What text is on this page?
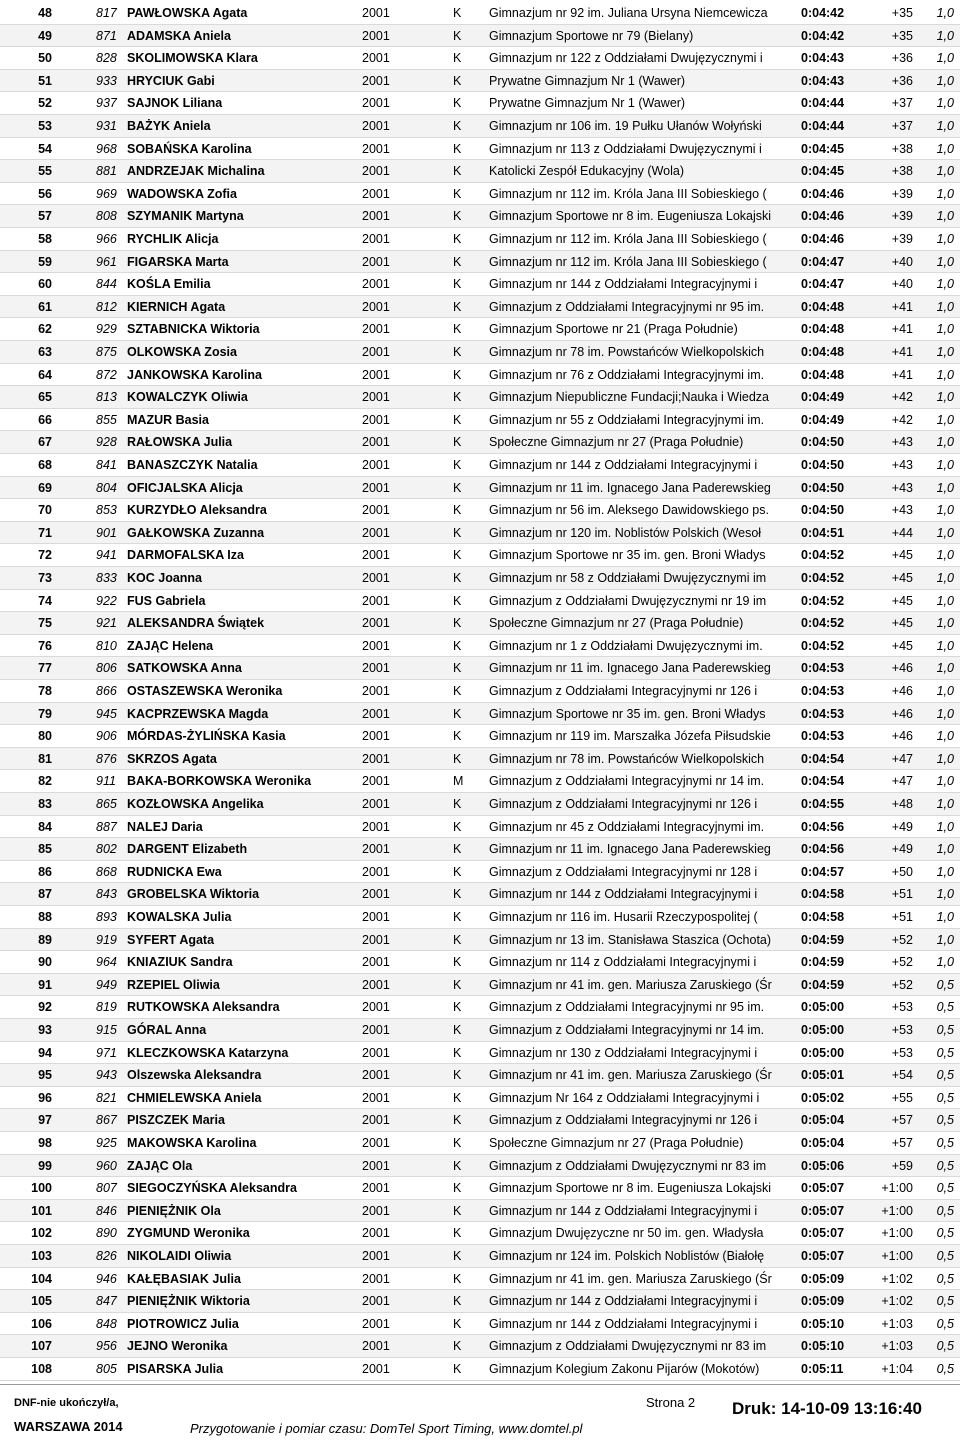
48	817 PAWŁOWSKA Agata	2001	K Gimnazjum nr 92 im. Juliana Ursyna Niemcewicza	0:04:42	+35	1,0
49	871 ADAMSKA Aniela	2001	K Gimnazjum Sportowe nr 79 (Bielany)	0:04:42	+35	1,0
50	828 SKOLIMOWSKA Klara	2001	K Gimnazjum nr 122 z Oddziałami Dwujęzycznymi i	0:04:43	+36	1,0
51	933 HRYCIUK Gabi	2001	K Prywatne Gimnazjum Nr 1 (Wawer)	0:04:43	+36	1,0
52	937 SAJNOK Liliana	2001	K Prywatne Gimnazjum Nr 1 (Wawer)	0:04:44	+37	1,0
53	931 BAŻYK Aniela	2001	K Gimnazjum nr 106 im. 19 Pułku Ułanów Wołyński	0:04:44	+37	1,0
54	968 SOBAŃSKA Karolina	2001	K Gimnazjum nr 113 z Oddziałami Dwujęzycznymi i	0:04:45	+38	1,0
55	881 ANDRZEJAK Michalina	2001	K Katolicki Zespół Edukacyjny (Wola)	0:04:45	+38	1,0
56	969 WADOWSKA Zofia	2001	K Gimnazjum nr 112 im. Króla Jana III Sobieskiego (	0:04:46	+39	1,0
57	808 SZYMANIK Martyna	2001	K Gimnazjum Sportowe nr 8 im. Eugeniusza Lokajski	0:04:46	+39	1,0
58	966 RYCHLIK Alicja	2001	K Gimnazjum nr 112 im. Króla Jana III Sobieskiego (	0:04:46	+39	1,0
59	961 FIGARSKA Marta	2001	K Gimnazjum nr 112 im. Króla Jana III Sobieskiego (	0:04:47	+40	1,0
60	844 KOŚLA Emilia	2001	K Gimnazjum nr 144 z Oddziałami Integracyjnymi i	0:04:47	+40	1,0
61	812 KIERNICH Agata	2001	K Gimnazjum z Oddziałami Integracyjnymi nr 95 im.	0:04:48	+41	1,0
62	929 SZTABNICKA Wiktoria	2001	K Gimnazjum Sportowe nr 21 (Praga Południe)	0:04:48	+41	1,0
63	875 OLKOWSKA Zosia	2001	K Gimnazjum nr 78 im. Powstańców Wielkopolskich	0:04:48	+41	1,0
64	872 JANKOWSKA Karolina	2001	K Gimnazjum nr 76 z Oddziałami Integracyjnymi im.	0:04:48	+41	1,0
65	813 KOWALCZYK Oliwia	2001	K Gimnazjum Niepubliczne Fundacji;Nauka i Wiedza	0:04:49	+42	1,0
66	855 MAZUR Basia	2001	K Gimnazjum nr 55 z Oddziałami Integracyjnymi im.	0:04:49	+42	1,0
67	928 RAŁOWSKA Julia	2001	K Społeczne Gimnazjum nr 27 (Praga Południe)	0:04:50	+43	1,0
68	841 BANASZCZYK Natalia	2001	K Gimnazjum nr 144 z Oddziałami Integracyjnymi i	0:04:50	+43	1,0
69	804 OFICJALSKA Alicja	2001	K Gimnazjum nr 11 im. Ignacego Jana Paderewskieg	0:04:50	+43	1,0
70	853 KURZYDŁO Aleksandra	2001	K Gimnazjum nr 56 im. Aleksego Dawidowskiego ps.	0:04:50	+43	1,0
71	901 GAŁKOWSKA Zuzanna	2001	K Gimnazjum nr 120 im. Noblistów Polskich (Wesoł	0:04:51	+44	1,0
72	941 DARMOFALSKA Iza	2001	K Gimnazjum Sportowe nr 35 im. gen. Broni Władys	0:04:52	+45	1,0
73	833 KOC Joanna	2001	K Gimnazjum nr 58 z Oddziałami Dwujęzycznymi im	0:04:52	+45	1,0
74	922 FUS Gabriela	2001	K Gimnazjum z Oddziałami Dwujęzycznymi nr 19 im	0:04:52	+45	1,0
75	921 ALEKSANDRA Świątek	2001	K Społeczne Gimnazjum nr 27 (Praga Południe)	0:04:52	+45	1,0
76	810 ZAJĄC Helena	2001	K Gimnazjum nr 1 z Oddziałami Dwujęzycznymi im.	0:04:52	+45	1,0
77	806 SATKOWSKA Anna	2001	K Gimnazjum nr 11 im. Ignacego Jana Paderewskieg	0:04:53	+46	1,0
78	866 OSTASZEWSKA Weronika	2001	K Gimnazjum z Oddziałami Integracyjnymi nr 126 i	0:04:53	+46	1,0
79	945 KACPRZEWSKA Magda	2001	K Gimnazjum Sportowe nr 35 im. gen. Broni Władys	0:04:53	+46	1,0
80	906 MÓRDAS-ŻYLIŃSKA Kasia	2001	K Gimnazjum nr 119 im. Marszałka Józefa Piłsudskie	0:04:53	+46	1,0
81	876 SKRZOS Agata	2001	K Gimnazjum nr 78 im. Powstańców Wielkopolskich	0:04:54	+47	1,0
82	911 BAKA-BORKOWSKA Weronika	2001	M Gimnazjum z Oddziałami Integracyjnymi nr 14 im.	0:04:54	+47	1,0
83	865 KOZŁOWSKA Angelika	2001	K Gimnazjum z Oddziałami Integracyjnymi nr 126 i	0:04:55	+48	1,0
84	887 NALEJ Daria	2001	K Gimnazjum nr 45 z Oddziałami Integracyjnymi im.	0:04:56	+49	1,0
85	802 DARGENT Elizabeth	2001	K Gimnazjum nr 11 im. Ignacego Jana Paderewskieg	0:04:56	+49	1,0
86	868 RUDNICKA Ewa	2001	K Gimnazjum z Oddziałami Integracyjnymi nr 128 i	0:04:57	+50	1,0
87	843 GROBELSKA Wiktoria	2001	K Gimnazjum nr 144 z Oddziałami Integracyjnymi i	0:04:58	+51	1,0
88	893 KOWALSKA Julia	2001	K Gimnazjum nr 116 im. Husarii Rzeczypospolitej (	0:04:58	+51	1,0
89	919 SYFERT Agata	2001	K Gimnazjum nr 13 im. Stanisława Staszica (Ochota)	0:04:59	+52	1,0
90	964 KNIAZIUK Sandra	2001	K Gimnazjum nr 114 z Oddziałami Integracyjnymi i	0:04:59	+52	1,0
91	949 RZEPIEL Oliwia	2001	K Gimnazjum nr 41 im. gen. Mariusza Zaruskiego (Śr	0:04:59	+52	0,5
92	819 RUTKOWSKA Aleksandra	2001	K Gimnazjum z Oddziałami Integracyjnymi nr 95 im.	0:05:00	+53	0,5
93	915 GÓRAL Anna	2001	K Gimnazjum z Oddziałami Integracyjnymi nr 14 im.	0:05:00	+53	0,5
94	971 KLECZKOWSKA Katarzyna	2001	K Gimnazjum nr 130 z Oddziałami Integracyjnymi i	0:05:00	+53	0,5
95	943 Olszewska Aleksandra	2001	K Gimnazjum nr 41 im. gen. Mariusza Zaruskiego (Śr	0:05:01	+54	0,5
96	821 CHMIELEWSKA Aniela	2001	K Gimnazjum Nr 164 z Oddziałami Integracyjnymi i	0:05:02	+55	0,5
97	867 PISZCZEK Maria	2001	K Gimnazjum z Oddziałami Integracyjnymi nr 126 i	0:05:04	+57	0,5
98	925 MAKOWSKA Karolina	2001	K Społeczne Gimnazjum nr 27 (Praga Południe)	0:05:04	+57	0,5
99	960 ZAJĄC Ola	2001	K Gimnazjum z Oddziałami Dwujęzycznymi nr 83 im	0:05:06	+59	0,5
100	807 SIEGOCZYŃSKA Aleksandra	2001	K Gimnazjum Sportowe nr 8 im. Eugeniusza Lokajski	0:05:07	+1:00	0,5
101	846 PIENIĘŻNIK Ola	2001	K Gimnazjum nr 144 z Oddziałami Integracyjnymi i	0:05:07	+1:00	0,5
102	890 ZYGMUND Weronika	2001	K Gimnazjum Dwujęzyczne nr 50 im. gen. Władysła	0:05:07	+1:00	0,5
103	826 NIKOLAIDI Oliwia	2001	K Gimnazjum nr 124 im. Polskich Noblistów (Białołę	0:05:07	+1:00	0,5
104	946 KAŁĘBASIAK Julia	2001	K Gimnazjum nr 41 im. gen. Mariusza Zaruskiego (Śr	0:05:09	+1:02	0,5
105	847 PIENIĘŻNIK Wiktoria	2001	K Gimnazjum nr 144 z Oddziałami Integracyjnymi i	0:05:09	+1:02	0,5
106	848 PIOTROWICZ Julia	2001	K Gimnazjum nr 144 z Oddziałami Integracyjnymi i	0:05:10	+1:03	0,5
107	956 JEJNO Weronika	2001	K Gimnazjum z Oddziałami Dwujęzycznymi nr 83 im	0:05:10	+1:03	0,5
108	805 PISARSKA Julia	2001	K Gimnazjum Kolegium Zakonu Pijarów (Mokotów)	0:05:11	+1:04	0,5
DNF-nie ukończył/a,
WARSZAWA 2014
Strona 2 Druk: 14-10-09 13:16:40
Przygotowanie i pomiar czasu: DomTel Sport Timing, www.domtel.pl
